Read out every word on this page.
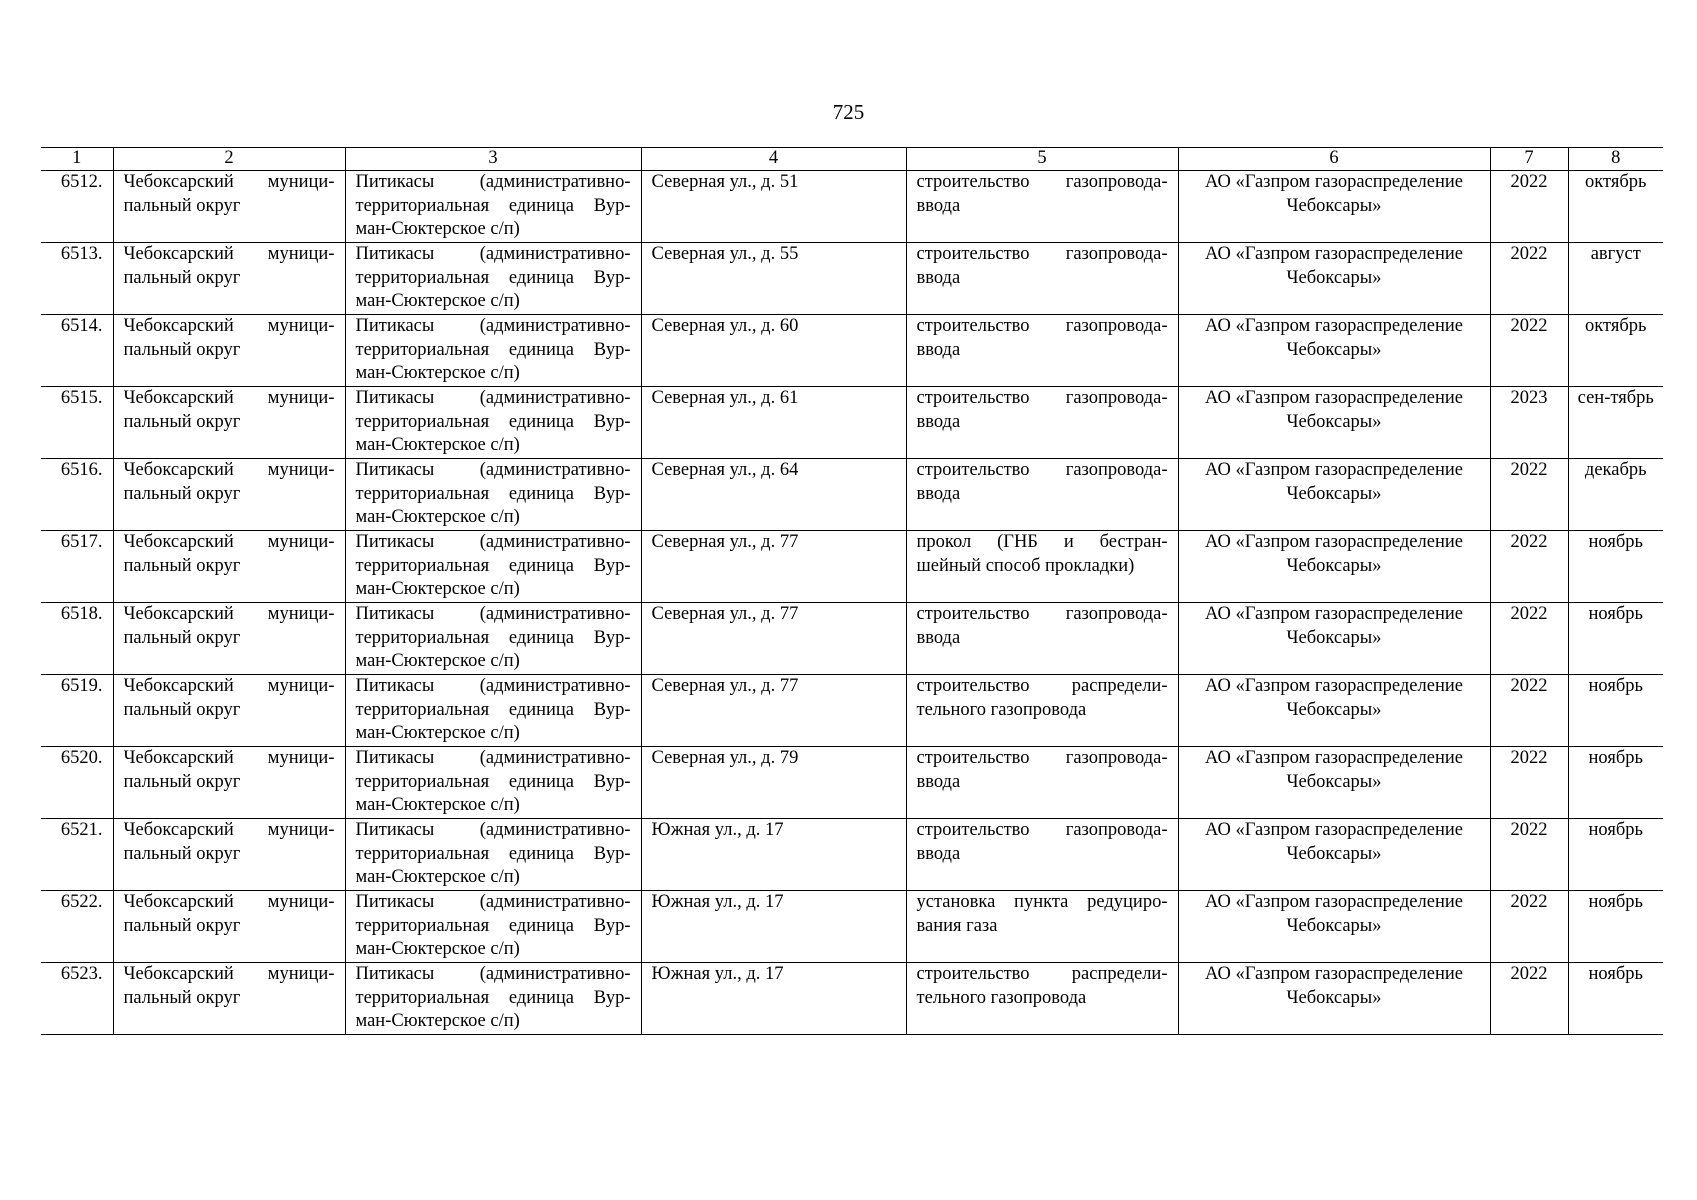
725
1	2	3	4	5	6	7	8
6512.	Чебоксарский муници-пальный округ	Питикасы (административно-территориальная единица Вур-ман-Сюктерское с/п)	Северная ул., д. 51	строительство газопровода-ввода	АО «Газпром газораспределение Чебоксары»	2022	октябрь
6513.	Чебоксарский муници-пальный округ	Питикасы (административно-территориальная единица Вур-ман-Сюктерское с/п)	Северная ул., д. 55	строительство газопровода-ввода	АО «Газпром газораспределение Чебоксары»	2022	август
6514.	Чебоксарский муници-пальный округ	Питикасы (административно-территориальная единица Вур-ман-Сюктерское с/п)	Северная ул., д. 60	строительство газопровода-ввода	АО «Газпром газораспределение Чебоксары»	2022	октябрь
6515.	Чебоксарский муници-пальный округ	Питикасы (административно-территориальная единица Вур-ман-Сюктерское с/п)	Северная ул., д. 61	строительство газопровода-ввода	АО «Газпром газораспределение Чебоксары»	2023	сен-тябрь
6516.	Чебоксарский муници-пальный округ	Питикасы (административно-территориальная единица Вур-ман-Сюктерское с/п)	Северная ул., д. 64	строительство газопровода-ввода	АО «Газпром газораспределение Чебоксары»	2022	декабрь
6517.	Чебоксарский муници-пальный округ	Питикасы (административно-территориальная единица Вур-ман-Сюктерское с/п)	Северная ул., д. 77	прокол (ГНБ и бестран-шейный способ прокладки)	АО «Газпром газораспределение Чебоксары»	2022	ноябрь
6518.	Чебоксарский муници-пальный округ	Питикасы (административно-территориальная единица Вур-ман-Сюктерское с/п)	Северная ул., д. 77	строительство газопровода-ввода	АО «Газпром газораспределение Чебоксары»	2022	ноябрь
6519.	Чебоксарский муници-пальный округ	Питикасы (административно-территориальная единица Вур-ман-Сюктерское с/п)	Северная ул., д. 77	строительство распредели-тельного газопровода	АО «Газпром газораспределение Чебоксары»	2022	ноябрь
6520.	Чебоксарский муници-пальный округ	Питикасы (административно-территориальная единица Вур-ман-Сюктерское с/п)	Северная ул., д. 79	строительство газопровода-ввода	АО «Газпром газораспределение Чебоксары»	2022	ноябрь
6521.	Чебоксарский муници-пальный округ	Питикасы (административно-территориальная единица Вур-ман-Сюктерское с/п)	Южная ул., д. 17	строительство газопровода-ввода	АО «Газпром газораспределение Чебоксары»	2022	ноябрь
6522.	Чебоксарский муници-пальный округ	Питикасы (административно-территориальная единица Вур-ман-Сюктерское с/п)	Южная ул., д. 17	установка пункта редуциро-вания газа	АО «Газпром газораспределение Чебоксары»	2022	ноябрь
6523.	Чебоксарский муници-пальный округ	Питикасы (административно-территориальная единица Вур-ман-Сюктерское с/п)	Южная ул., д. 17	строительство распредели-тельного газопровода	АО «Газпром газораспределение Чебоксары»	2022	ноябрь
